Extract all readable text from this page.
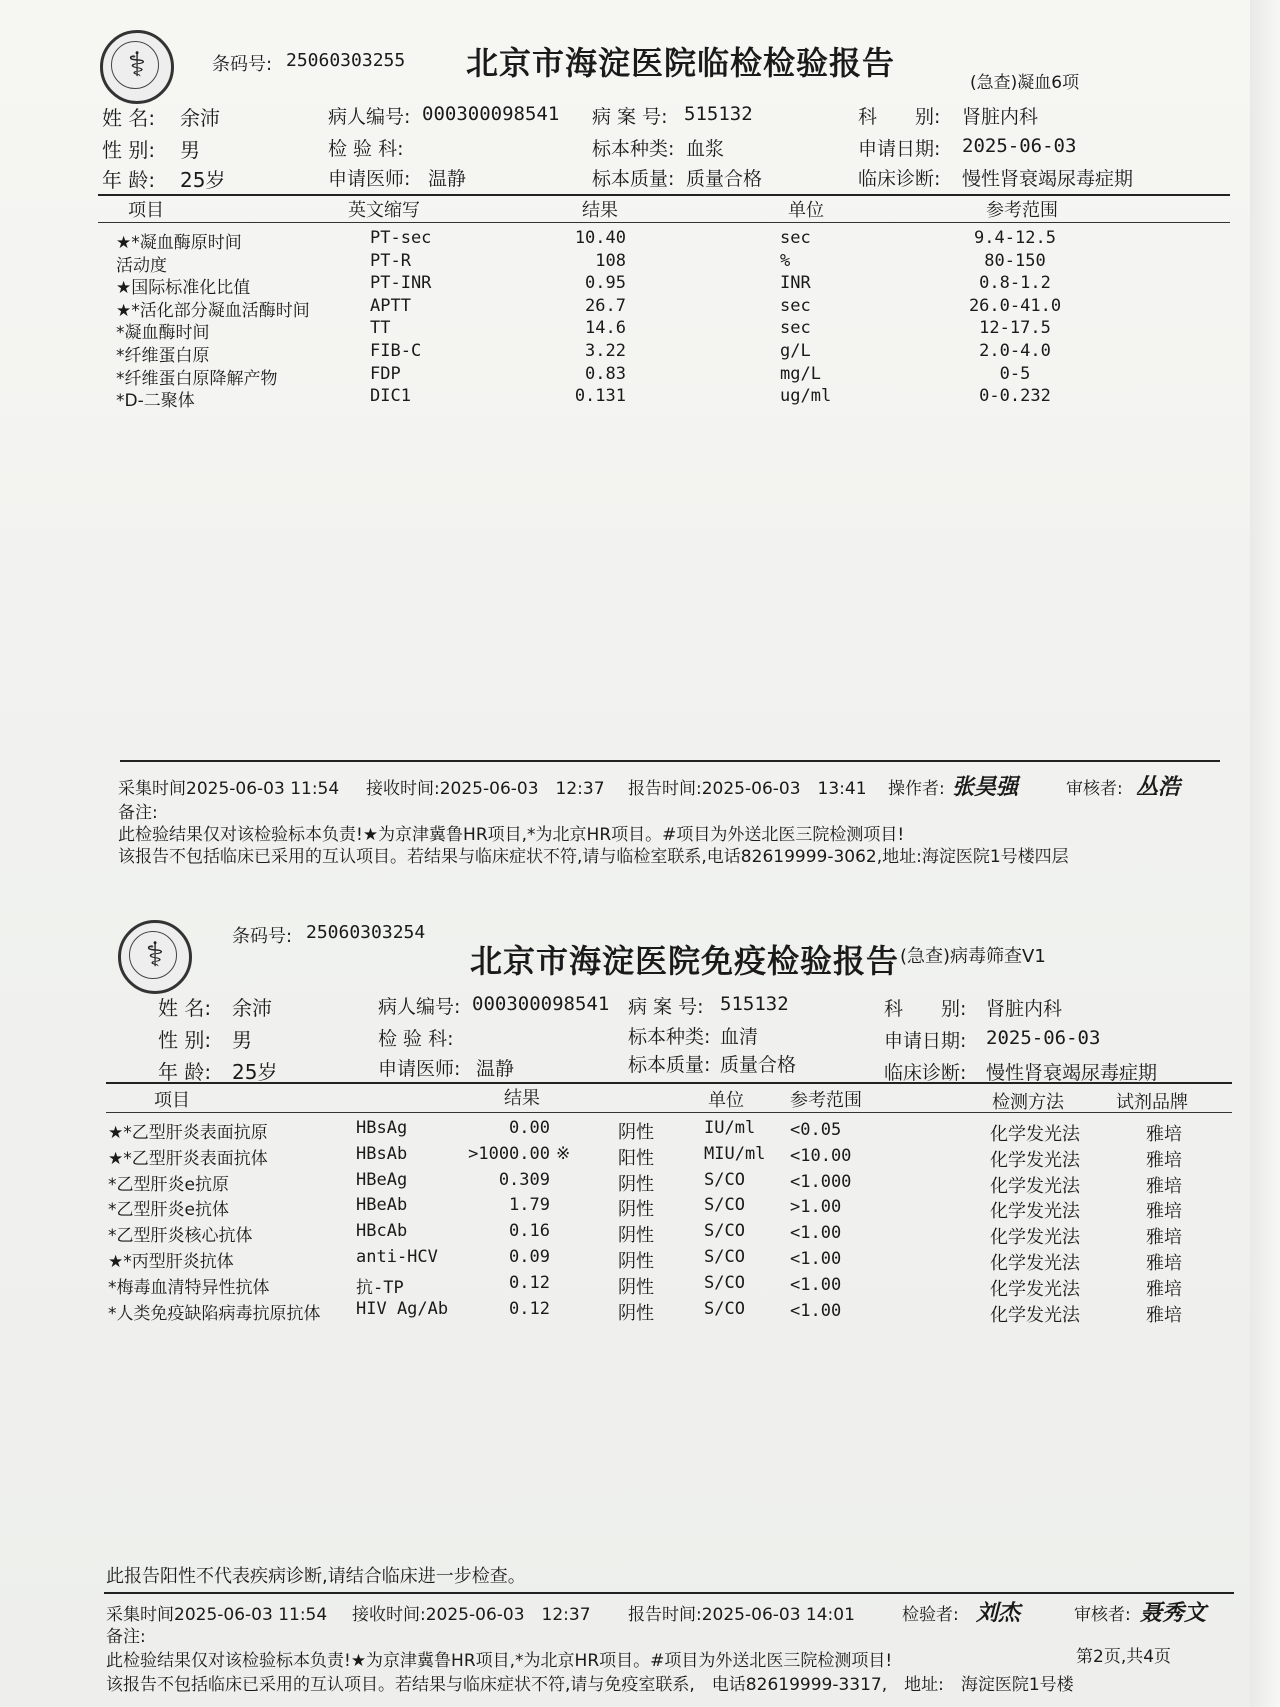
⚕
条码号: 25060303255 北京市海淀医院临检检验报告
(急查)凝血6项
姓 名: 余沛
性 别: 男
年 龄: 25岁
病人编号: 000300098541
检 验 科:
申请医师: 温静
病 案 号: 515132
标本种类: 血浆
标本质量: 质量合格
科　　别: 肾脏内科
申请日期: 2025-06-03
临床诊断: 慢性肾衰竭尿毒症期
项目	英文缩写	结果	单位	参考范围
★*凝血酶原时间	PT-sec	10.40	sec	9.4-12.5
活动度	PT-R	108	%	80-150
★国际标准化比值	PT-INR	0.95	INR	0.8-1.2
★*活化部分凝血活酶时间	APTT	26.7	sec	26.0-41.0
*凝血酶时间	TT	14.6	sec	12-17.5
*纤维蛋白原	FIB-C	3.22	g/L	2.0-4.0
*纤维蛋白原降解产物	FDP	0.83	mg/L	0-5
*D-二聚体	DIC1	0.131	ug/ml	0-0.232
采集时间2025-06-03 11:54 接收时间:2025-06-03　12:37 报告时间:2025-06-03　13:41 操作者: 张昊强	审核者: 丛浩
备注:
此检验结果仅对该检验标本负责!★为京津冀鲁HR项目,*为北京HR项目。#项目为外送北医三院检测项目!
该报告不包括临床已采用的互认项目。若结果与临床症状不符,请与临检室联系,电话82619999-3062,地址:海淀医院1号楼四层
⚕
条码号: 25060303254
北京市海淀医院免疫检验报告 (急查)病毒筛查V1
姓 名: 余沛
性 别: 男
年 龄: 25岁
病人编号: 000300098541
检 验 科:
申请医师: 温静
病 案 号: 515132
标本种类: 血清
标本质量: 质量合格
科　　别: 肾脏内科
申请日期: 2025-06-03
临床诊断: 慢性肾衰竭尿毒症期
项目	结果	单位	参考范围	检测方法	试剂品牌
★*乙型肝炎表面抗原	HBsAg	0.00	阴性	IU/ml <0.05	化学发光法	雅培
★*乙型肝炎表面抗体	HBsAb	>1000.00 ※	阳性	MIU/ml <10.00	化学发光法	雅培
*乙型肝炎e抗原	HBeAg	0.309	阴性	S/CO	<1.000	化学发光法	雅培
*乙型肝炎e抗体	HBeAb	1.79	阴性	S/CO	>1.00	化学发光法	雅培
*乙型肝炎核心抗体	HBcAb	0.16	阴性	S/CO	<1.00	化学发光法	雅培
★*丙型肝炎抗体	anti-HCV	0.09	阴性	S/CO	<1.00	化学发光法	雅培
*梅毒血清特异性抗体	抗-TP	0.12	阴性	S/CO	<1.00	化学发光法	雅培
*人类免疫缺陷病毒抗原抗体 HIV Ag/Ab	0.12	阴性	S/CO	<1.00	化学发光法	雅培
此报告阳性不代表疾病诊断,请结合临床进一步检查。
采集时间2025-06-03 11:54 接收时间:2025-06-03　12:37 报告时间:2025-06-03 14:01	检验者: 刘杰	审核者: 聂秀文
备注:
此检验结果仅对该检验标本负责!★为京津冀鲁HR项目,*为北京HR项目。#项目为外送北医三院检测项目!	第2页,共4页
该报告不包括临床已采用的互认项目。若结果与临床症状不符,请与免疫室联系,　电话82619999-3317,　地址:　海淀医院1号楼
